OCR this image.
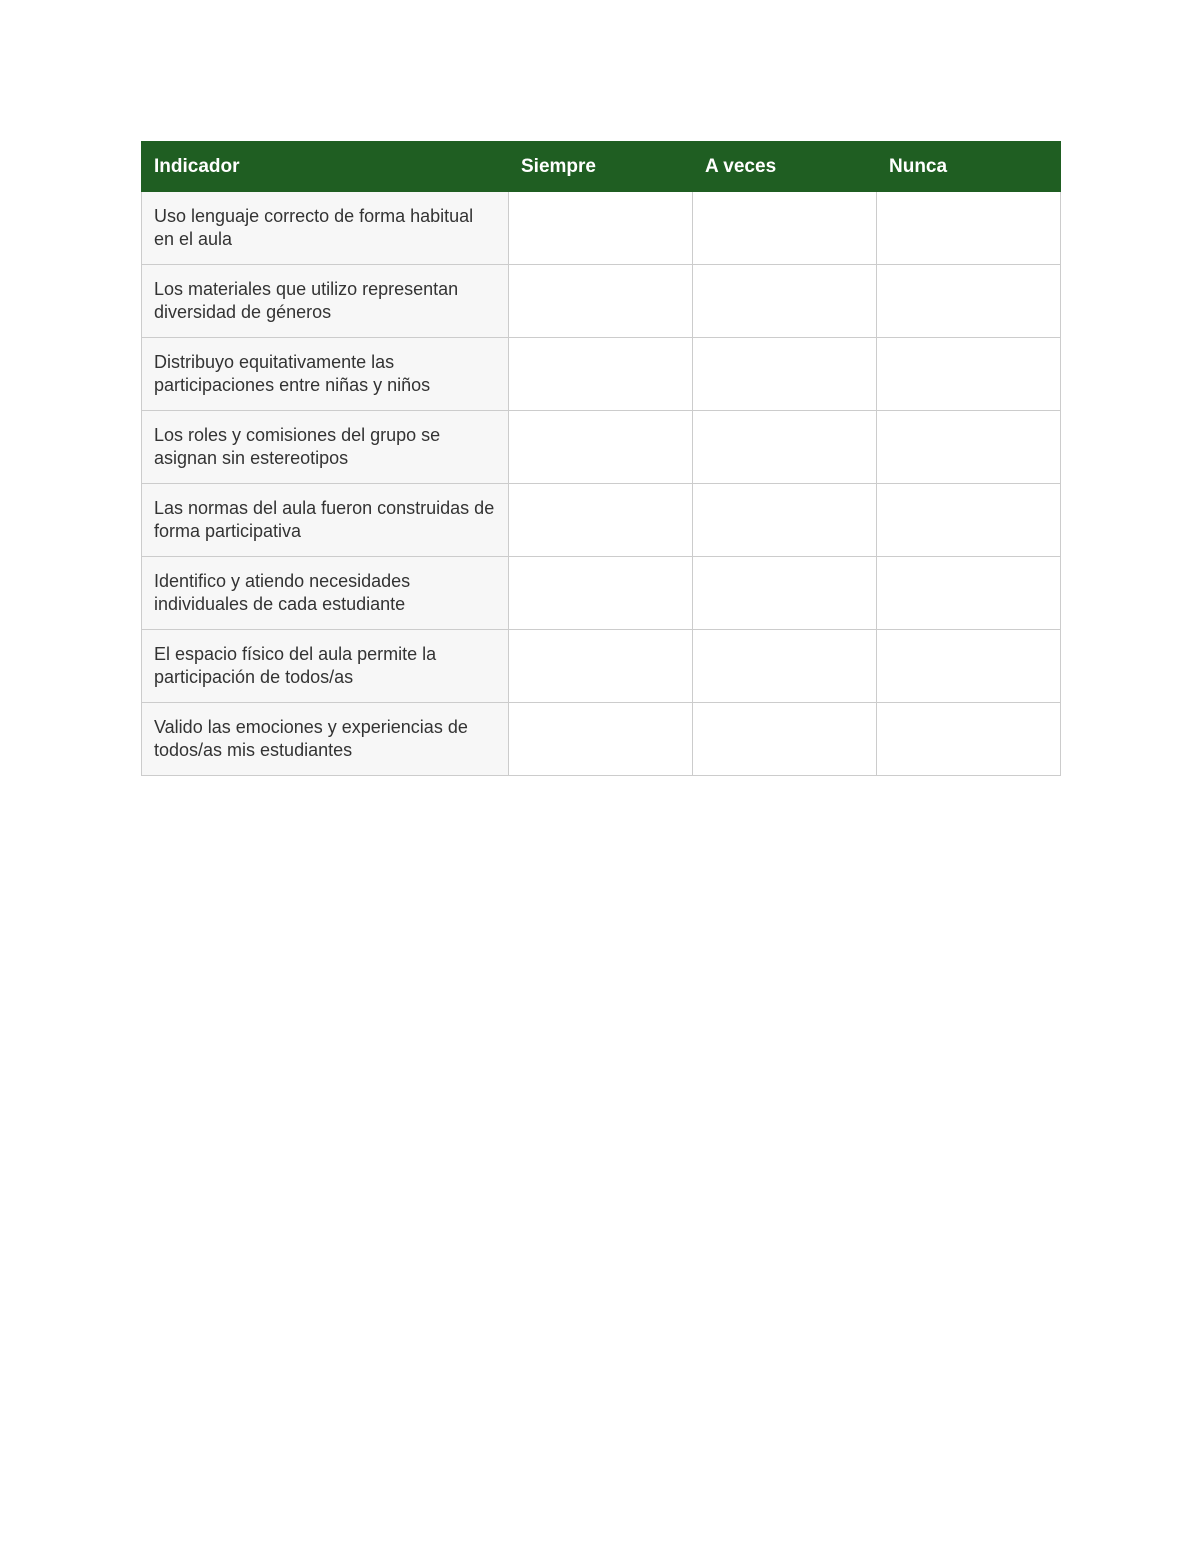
Indicador	Siempre	A veces	Nunca
Uso lenguaje correcto de forma habitual en el aula			
Los materiales que utilizo representan diversidad de géneros			
Distribuyo equitativamente las participaciones entre niñas y niños			
Los roles y comisiones del grupo se asignan sin estereotipos			
Las normas del aula fueron construidas de forma participativa			
Identifico y atiendo necesidades individuales de cada estudiante			
El espacio físico del aula permite la participación de todos/as			
Valido las emociones y experiencias de todos/as mis estudiantes			
